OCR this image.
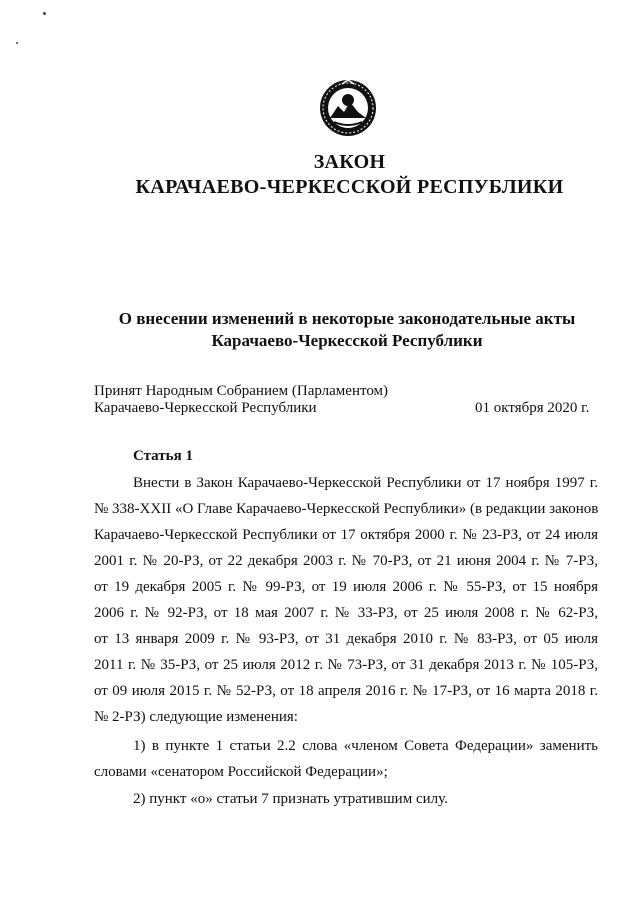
ЗАКОН
КАРАЧАЕВО-ЧЕРКЕССКОЙ РЕСПУБЛИКИ
О внесении изменений в некоторые законодательные акты
Карачаево-Черкесской Республики
Принят Народным Собранием (Парламентом)
Карачаево-Черкесской Республики	01 октября 2020 г.
Статья 1
Внести в Закон Карачаево-Черкесской Республики от 17 ноября 1997 г.
№ 338-XXII «О Главе Карачаево-Черкесской Республики» (в редакции законов
Карачаево-Черкесской Республики от 17 октября 2000 г. № 23-РЗ, от 24 июля
2001 г. № 20-РЗ, от 22 декабря 2003 г. № 70-РЗ, от 21 июня 2004 г. № 7-РЗ,
от 19 декабря 2005 г. № 99-РЗ, от 19 июля 2006 г. № 55-РЗ, от 15 ноября
2006 г. № 92-РЗ, от 18 мая 2007 г. № 33-РЗ, от 25 июля 2008 г. № 62-РЗ,
от 13 января 2009 г. № 93-РЗ, от 31 декабря 2010 г. № 83-РЗ, от 05 июля
2011 г. № 35-РЗ, от 25 июля 2012 г. № 73-РЗ, от 31 декабря 2013 г. № 105-РЗ,
от 09 июля 2015 г. № 52-РЗ, от 18 апреля 2016 г. № 17-РЗ, от 16 марта 2018 г.
№ 2-РЗ) следующие изменения:
1) в пункте 1 статьи 2.2 слова «членом Совета Федерации» заменить
словами «сенатором Российской Федерации»;
2) пункт «о» статьи 7 признать утратившим силу.
